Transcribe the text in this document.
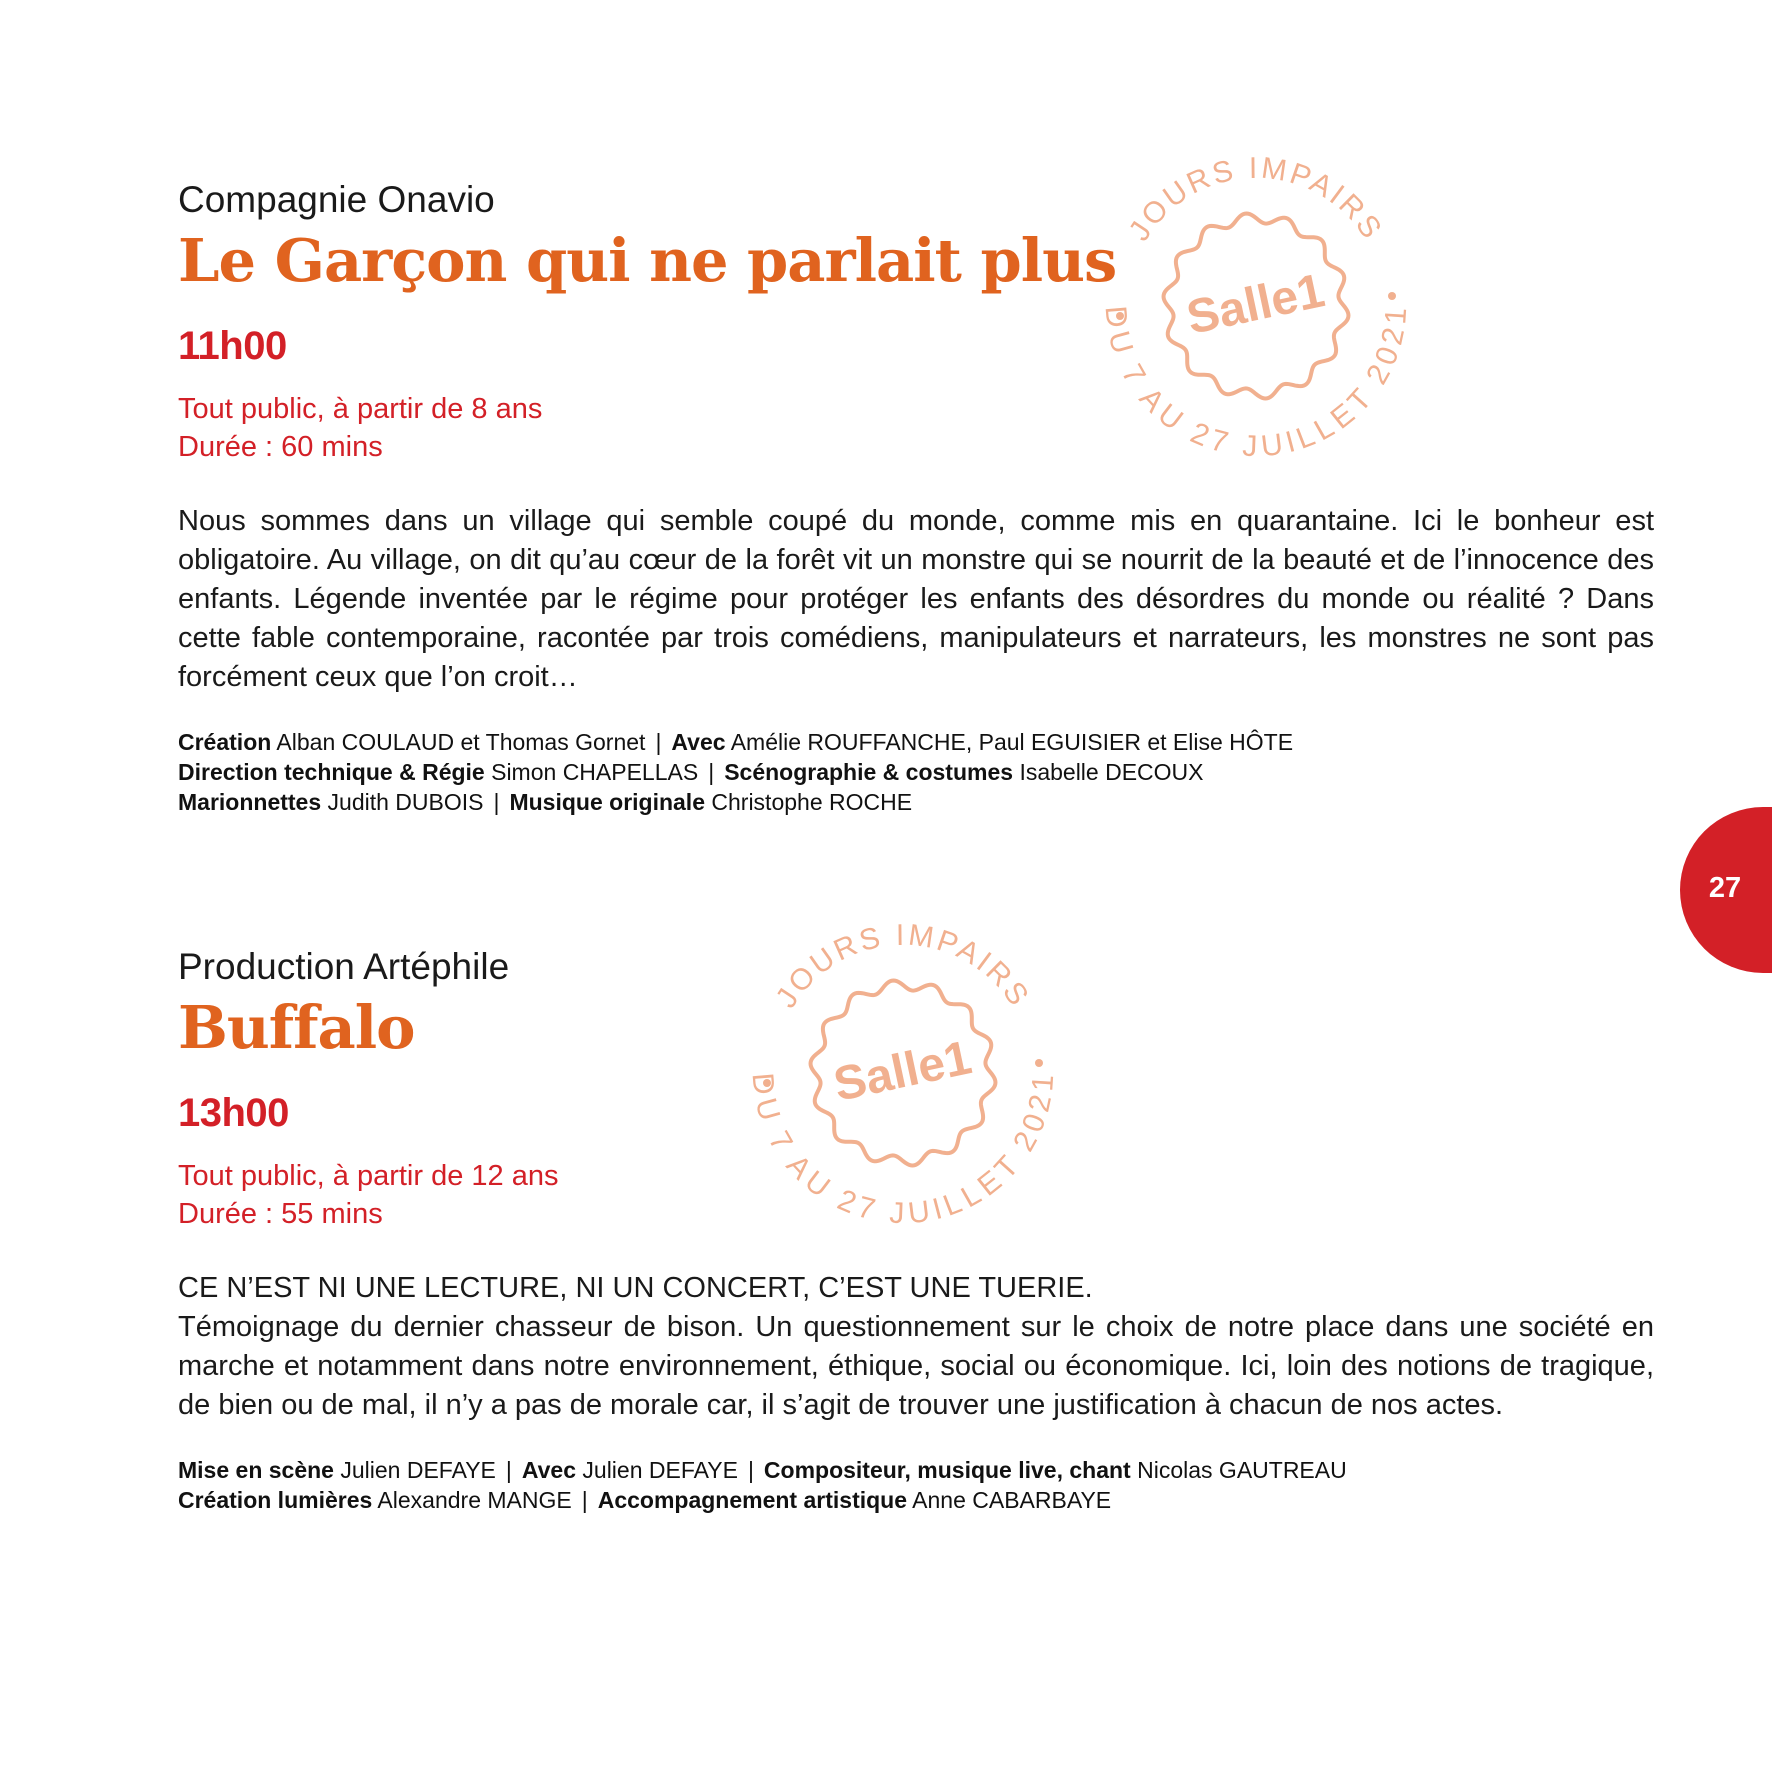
Compagnie Onavio

Le Garçon qui ne parlait plus

11h00

Tout public, à partir de 8 ans
Durée : 60 mins

Nous sommes dans un village qui semble coupé du monde, comme mis en quarantaine. Ici le bonheur est obligatoire. Au village, on dit qu’au cœur de la forêt vit un monstre qui se nourrit de la beauté et de l’innocence des enfants. Légende inventée par le régime pour protéger les enfants des désordres du monde ou réalité ? Dans cette fable contemporaine, racontée par trois comédiens, manipulateurs et narrateurs, les monstres ne sont pas forcément ceux que l’on croit…

Création Alban COULAUD et Thomas Gornet | Avec Amélie ROUFFANCHE, Paul EGUISIER et Elise HÔTE
Direction technique & Régie Simon CHAPELLAS | Scénographie & costumes Isabelle DECOUX
Marionnettes Judith DUBOIS | Musique originale Christophe ROCHE

Production Artéphile

Buffalo

13h00

Tout public, à partir de 12 ans
Durée : 55 mins
CE N’EST NI UNE LECTURE, NI UN CONCERT, C’EST UNE TUERIE.
Témoignage du dernier chasseur de bison. Un questionnement sur le choix de notre place dans une société en marche et notamment dans notre environnement, éthique, social ou économique. Ici, loin des notions de tragique, de bien ou de mal, il n’y a pas de morale car, il s’agit de trouver une justification à chacun de nos actes.
Mise en scène Julien DEFAYE | Avec Julien DEFAYE | Compositeur, musique live, chant Nicolas GAUTREAU
Création lumières Alexandre MANGE | Accompagnement artistique Anne CABARBAYE
JOURS IMPAIRS
DU 7 AU 27 JUILLET 2021
Salle1
JOURS IMPAIRS
DU 7 AU 27 JUILLET 2021
Salle1
27
